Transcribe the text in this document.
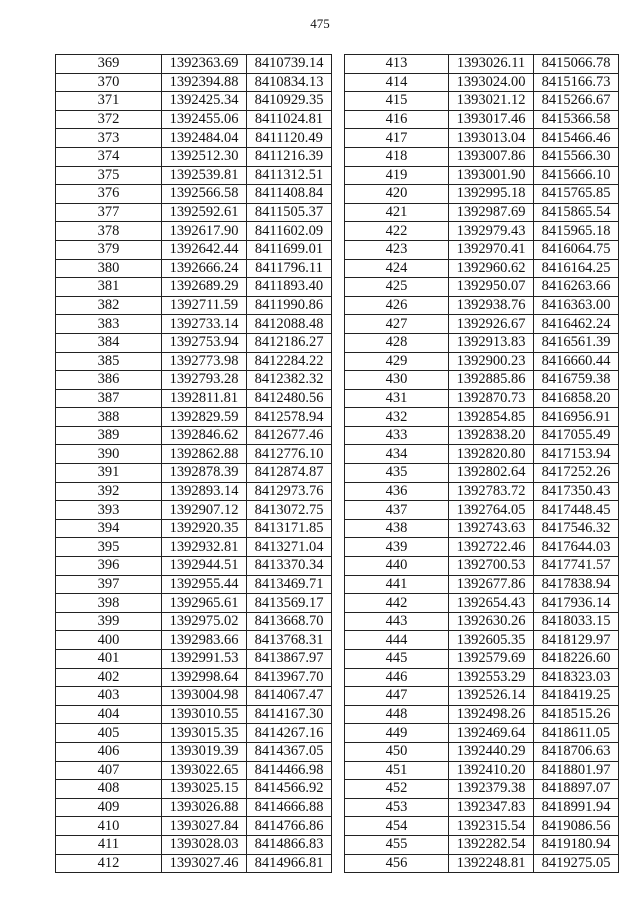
475
369	1392363.69	8410739.14
370	1392394.88	8410834.13
371	1392425.34	8410929.35
372	1392455.06	8411024.81
373	1392484.04	8411120.49
374	1392512.30	8411216.39
375	1392539.81	8411312.51
376	1392566.58	8411408.84
377	1392592.61	8411505.37
378	1392617.90	8411602.09
379	1392642.44	8411699.01
380	1392666.24	8411796.11
381	1392689.29	8411893.40
382	1392711.59	8411990.86
383	1392733.14	8412088.48
384	1392753.94	8412186.27
385	1392773.98	8412284.22
386	1392793.28	8412382.32
387	1392811.81	8412480.56
388	1392829.59	8412578.94
389	1392846.62	8412677.46
390	1392862.88	8412776.10
391	1392878.39	8412874.87
392	1392893.14	8412973.76
393	1392907.12	8413072.75
394	1392920.35	8413171.85
395	1392932.81	8413271.04
396	1392944.51	8413370.34
397	1392955.44	8413469.71
398	1392965.61	8413569.17
399	1392975.02	8413668.70
400	1392983.66	8413768.31
401	1392991.53	8413867.97
402	1392998.64	8413967.70
403	1393004.98	8414067.47
404	1393010.55	8414167.30
405	1393015.35	8414267.16
406	1393019.39	8414367.05
407	1393022.65	8414466.98
408	1393025.15	8414566.92
409	1393026.88	8414666.88
410	1393027.84	8414766.86
411	1393028.03	8414866.83
412	1393027.46	8414966.81
413	1393026.11	8415066.78
414	1393024.00	8415166.73
415	1393021.12	8415266.67
416	1393017.46	8415366.58
417	1393013.04	8415466.46
418	1393007.86	8415566.30
419	1393001.90	8415666.10
420	1392995.18	8415765.85
421	1392987.69	8415865.54
422	1392979.43	8415965.18
423	1392970.41	8416064.75
424	1392960.62	8416164.25
425	1392950.07	8416263.66
426	1392938.76	8416363.00
427	1392926.67	8416462.24
428	1392913.83	8416561.39
429	1392900.23	8416660.44
430	1392885.86	8416759.38
431	1392870.73	8416858.20
432	1392854.85	8416956.91
433	1392838.20	8417055.49
434	1392820.80	8417153.94
435	1392802.64	8417252.26
436	1392783.72	8417350.43
437	1392764.05	8417448.45
438	1392743.63	8417546.32
439	1392722.46	8417644.03
440	1392700.53	8417741.57
441	1392677.86	8417838.94
442	1392654.43	8417936.14
443	1392630.26	8418033.15
444	1392605.35	8418129.97
445	1392579.69	8418226.60
446	1392553.29	8418323.03
447	1392526.14	8418419.25
448	1392498.26	8418515.26
449	1392469.64	8418611.05
450	1392440.29	8418706.63
451	1392410.20	8418801.97
452	1392379.38	8418897.07
453	1392347.83	8418991.94
454	1392315.54	8419086.56
455	1392282.54	8419180.94
456	1392248.81	8419275.05
